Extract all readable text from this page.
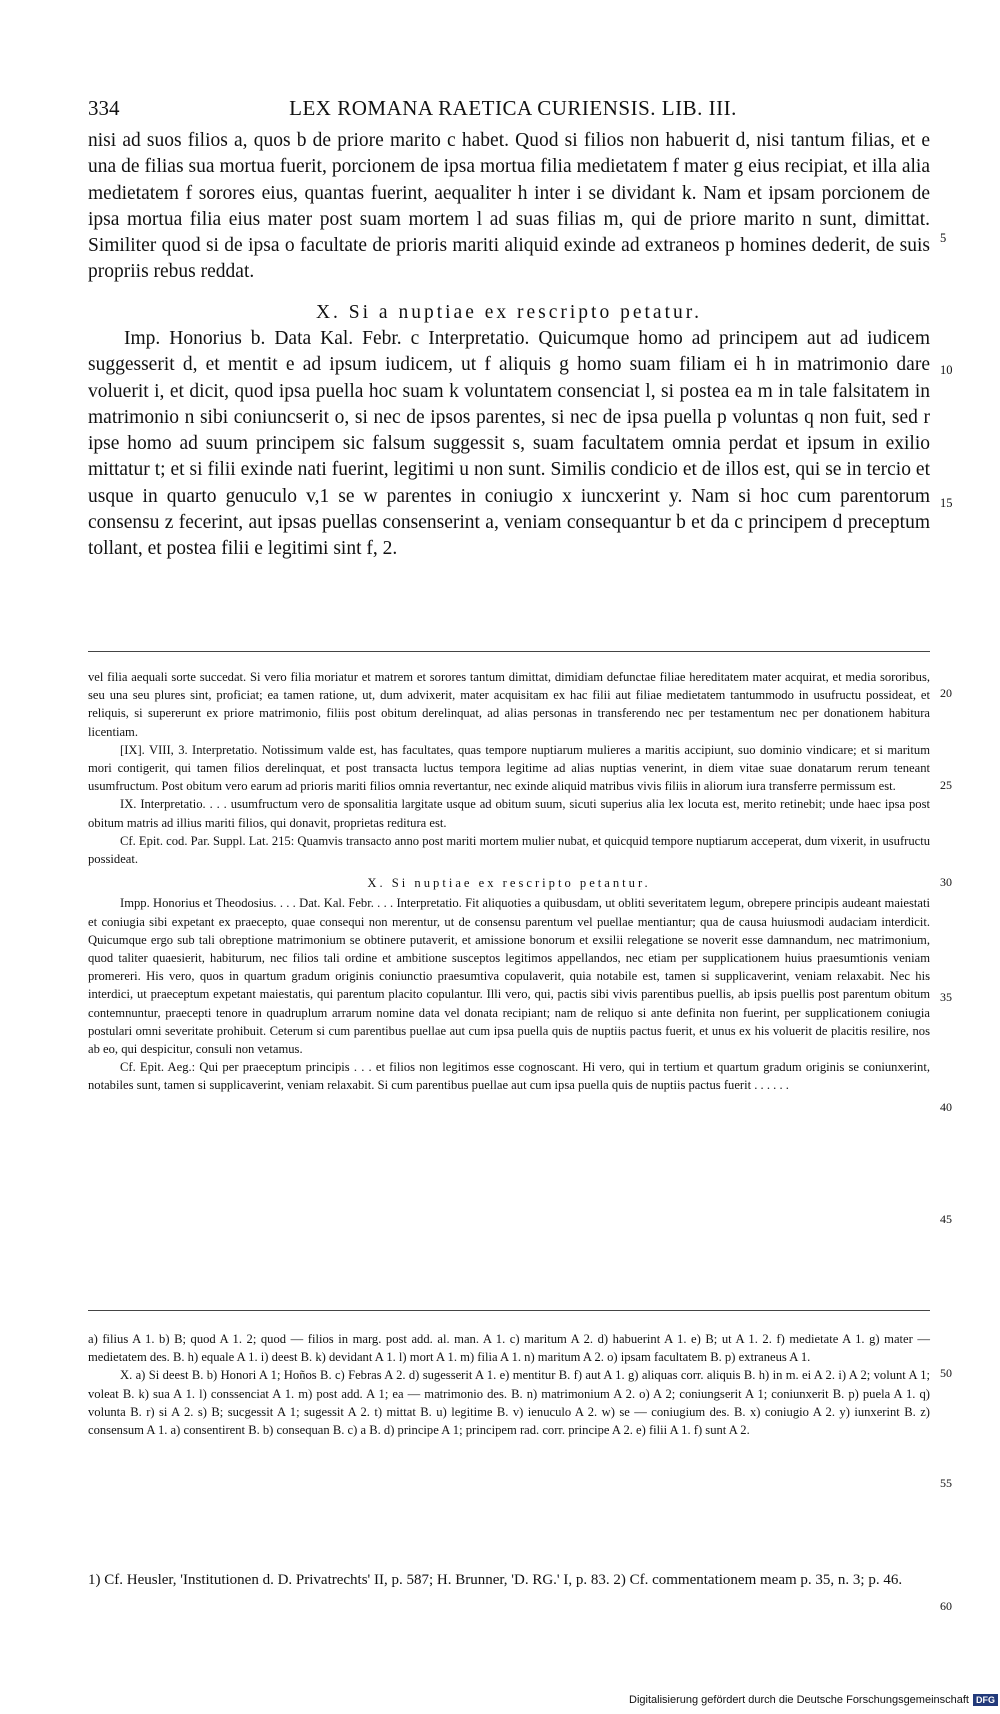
334	LEX ROMANA RAETICA CURIENSIS. LIB. III.
nisi ad suos filios a, quos b de priore marito c habet. Quod si filios non habuerit d, nisi tantum filias, et e una de filias sua mortua fuerit, porcionem de ipsa mortua filia medietatem f mater g eius recipiat, et illa alia medietatem f sorores eius, quantas fuerint, aequaliter h inter i se dividant k. Nam et ipsam porcionem de ipsa mortua filia eius mater post suam mortem l ad suas filias m, qui de priore marito n sunt, dimittat. Similiter quod si de ipsa o facultate de prioris mariti aliquid exinde ad extraneos p homines dederit, de suis propriis rebus reddat.
X. Si a nuptiae ex rescripto petatur.
Imp. Honorius b. Data Kal. Febr. c Interpretatio. Quicumque homo ad principem aut ad iudicem suggesserit d, et mentit e ad ipsum iudicem, ut f aliquis g homo suam filiam ei h in matrimonio dare voluerit i, et dicit, quod ipsa puella hoc suam k voluntatem consenciat l, si postea ea m in tale falsitatem in matrimonio n sibi coniuncserit o, si nec de ipsos parentes, si nec de ipsa puella p voluntas q non fuit, sed r ipse homo ad suum principem sic falsum suggessit s, suam facultatem omnia perdat et ipsum in exilio mittatur t; et si filii exinde nati fuerint, legitimi u non sunt. Similis condicio et de illos est, qui se in tercio et usque in quarto genuculo v,1 se w parentes in coniugio x iuncxerint y. Nam si hoc cum parentorum consensu z fecerint, aut ipsas puellas consenserint a, veniam consequantur b et da c principem d preceptum tollant, et postea filii e legitimi sint f, 2.
5
10
15

vel filia aequali sorte succedat. Si vero filia moriatur et matrem et sorores tantum dimittat, dimidiam defunctae filiae hereditatem mater acquirat, et media sororibus, seu una seu plures sint, proficiat; ea tamen ratione, ut, dum advixerit, mater acquisitam ex hac filii aut filiae medietatem tantummodo in usufructu possideat, et reliquis, si supererunt ex priore matrimonio, filiis post obitum derelinquat, ad alias personas in transferendo nec per testamentum nec per donationem habitura licentiam.

[IX]. VIII, 3. Interpretatio. Notissimum valde est, has facultates, quas tempore nuptiarum mulieres a maritis accipiunt, suo dominio vindicare; et si maritum mori contigerit, qui tamen filios derelinquat, et post transacta luctus tempora legitime ad alias nuptias venerint, in diem vitae suae donatarum rerum teneant usumfructum. Post obitum vero earum ad prioris mariti filios omnia revertantur, nec exinde aliquid matribus vivis filiis in aliorum iura transferre permissum est.

IX. Interpretatio. . . . usumfructum vero de sponsalitia largitate usque ad obitum suum, sicuti superius alia lex locuta est, merito retinebit; unde haec ipsa post obitum matris ad illius mariti filios, qui donavit, proprietas reditura est.

Cf. Epit. cod. Par. Suppl. Lat. 215: Quamvis transacto anno post mariti mortem mulier nubat, et quicquid tempore nuptiarum acceperat, dum vixerit, in usufructu possideat.

X. Si nuptiae ex rescripto petantur.

Impp. Honorius et Theodosius. . . . Dat. Kal. Febr. . . . Interpretatio. Fit aliquoties a quibusdam, ut obliti severitatem legum, obrepere principis audeant maiestati et coniugia sibi expetant ex praecepto, quae consequi non merentur, ut de consensu parentum vel puellae mentiantur; qua de causa huiusmodi audaciam interdicit. Quicumque ergo sub tali obreptione matrimonium se obtinere putaverit, et amissione bonorum et exsilii relegatione se noverit esse damnandum, nec matrimonium, quod taliter quaesierit, habiturum, nec filios tali ordine et ambitione susceptos legitimos appellandos, nec etiam per supplicationem huius praesumtionis veniam promereri. His vero, quos in quartum gradum originis coniunctio praesumtiva copulaverit, quia notabile est, tamen si supplicaverint, veniam relaxabit. Nec his interdici, ut praeceptum expetant maiestatis, qui parentum placito copulantur. Illi vero, qui, pactis sibi vivis parentibus puellis, ab ipsis puellis post parentum obitum contemnuntur, praecepti tenore in quadruplum arrarum nomine data vel donata recipiant; nam de reliquo si ante definita non fuerint, per supplicationem coniugia postulari omni severitate prohibuit. Ceterum si cum parentibus puellae aut cum ipsa puella quis de nuptiis pactus fuerit, et unus ex his voluerit de placitis resilire, nos ab eo, qui despicitur, consuli non vetamus.

Cf. Epit. Aeg.: Qui per praeceptum principis . . . et filios non legitimos esse cognoscant. Hi vero, qui in tertium et quartum gradum originis se coniunxerint, notabiles sunt, tamen si supplicaverint, veniam relaxabit. Si cum parentibus puellae aut cum ipsa puella quis de nuptiis pactus fuerit . . . . . .

20
25
30
35
40
45

a) filius A 1. b) B; quod A 1. 2; quod — filios in marg. post add. al. man. A 1. c) maritum A 2. d) habuerint A 1. e) B; ut A 1. 2. f) medietate A 1. g) mater — medietatem des. B. h) equale A 1. i) deest B. k) devidant A 1. l) mort A 1. m) filia A 1. n) maritum A 2. o) ipsam facultatem B. p) extraneus A 1.

X. a) Si deest B. b) Honori A 1; Hoños B. c) Febras A 2. d) sugesserit A 1. e) mentitur B. f) aut A 1. g) aliquas corr. aliquis B. h) in m. ei A 2. i) A 2; volunt A 1; voleat B. k) sua A 1. l) conssenciat A 1. m) post add. A 1; ea — matrimonio des. B. n) matrimonium A 2. o) A 2; coniungserit A 1; coniunxerit B. p) puela A 1. q) volunta B. r) si A 2. s) B; sucgessit A 1; sugessit A 2. t) mittat B. u) legitime B. v) ienuculo A 2. w) se — coniugium des. B. x) coniugio A 2. y) iunxerint B. z) consensum A 1. a) consentirent B. b) consequan B. c) a B. d) principe A 1; principem rad. corr. principe A 2. e) filii A 1. f) sunt A 2.

50
55
1) Cf. Heusler, 'Institutionen d. D. Privatrechts' II, p. 587; H. Brunner, 'D. RG.' I, p. 83. 2) Cf. commentationem meam p. 35, n. 3; p. 46.
60
Digitalisierung gefördert durch die Deutsche Forschungsgemeinschaft DFG
